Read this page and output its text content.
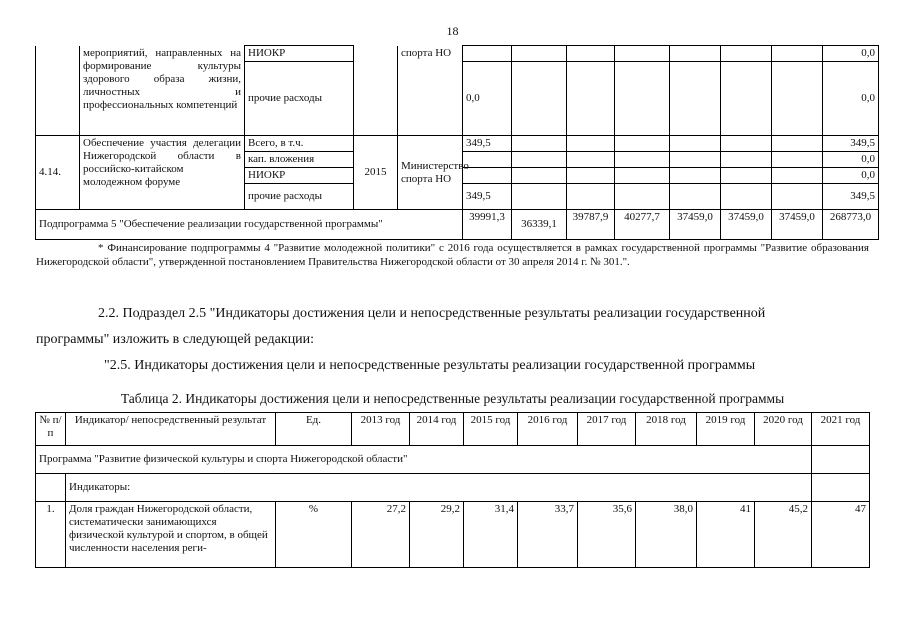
18
	мероприятий, направленных на формирование культуры здорового образа жизни, личностных и профессиональных компетенций	НИОКР		спорта НО								0,0
		прочие расходы			0,0							0,0
4.14.	Обеспечение участия делегации Нижегородской области в российско-китайском молодежном форуме	Всего, в т.ч.	2015	Министерство спорта НО	349,5							349,5
		кап. вложения										0,0
		НИОКР										0,0
		прочие расходы			349,5							349,5
Подпрограмма 5 "Обеспечение реализации государственной программы"					39991,3	36339,1	39787,9	40277,7	37459,0	37459,0	37459,0	268773,0
* Финансирование подпрограммы 4 "Развитие молодежной политики" с 2016 года осуществляется в рамках государственной программы "Развитие образования Нижегородской области", утвержденной постановлением Правительства Нижегородской области от 30 апреля 2014 г. № 301.".
2.2. Подраздел 2.5 "Индикаторы достижения цели и непосредственные результаты реализации государственной
программы" изложить в следующей редакции:
"2.5. Индикаторы достижения цели и непосредственные результаты реализации государственной программы
Таблица 2. Индикаторы достижения цели и непосредственные результаты реализации государственной программы
№ п/п	Индикатор/ непосредственный результат	Ед.	2013 год	2014 год	2015 год	2016 год	2017 год	2018 год	2019 год	2020 год	2021 год
Программа "Развитие физической культуры и спорта Нижегородской области"											
	Индикаторы:										
1.	Доля граждан Нижегородской области, систематически занимающихся физической культурой и спортом, в общей численности населения реги-	%	27,2	29,2	31,4	33,7	35,6	38,0	41	45,2	47
